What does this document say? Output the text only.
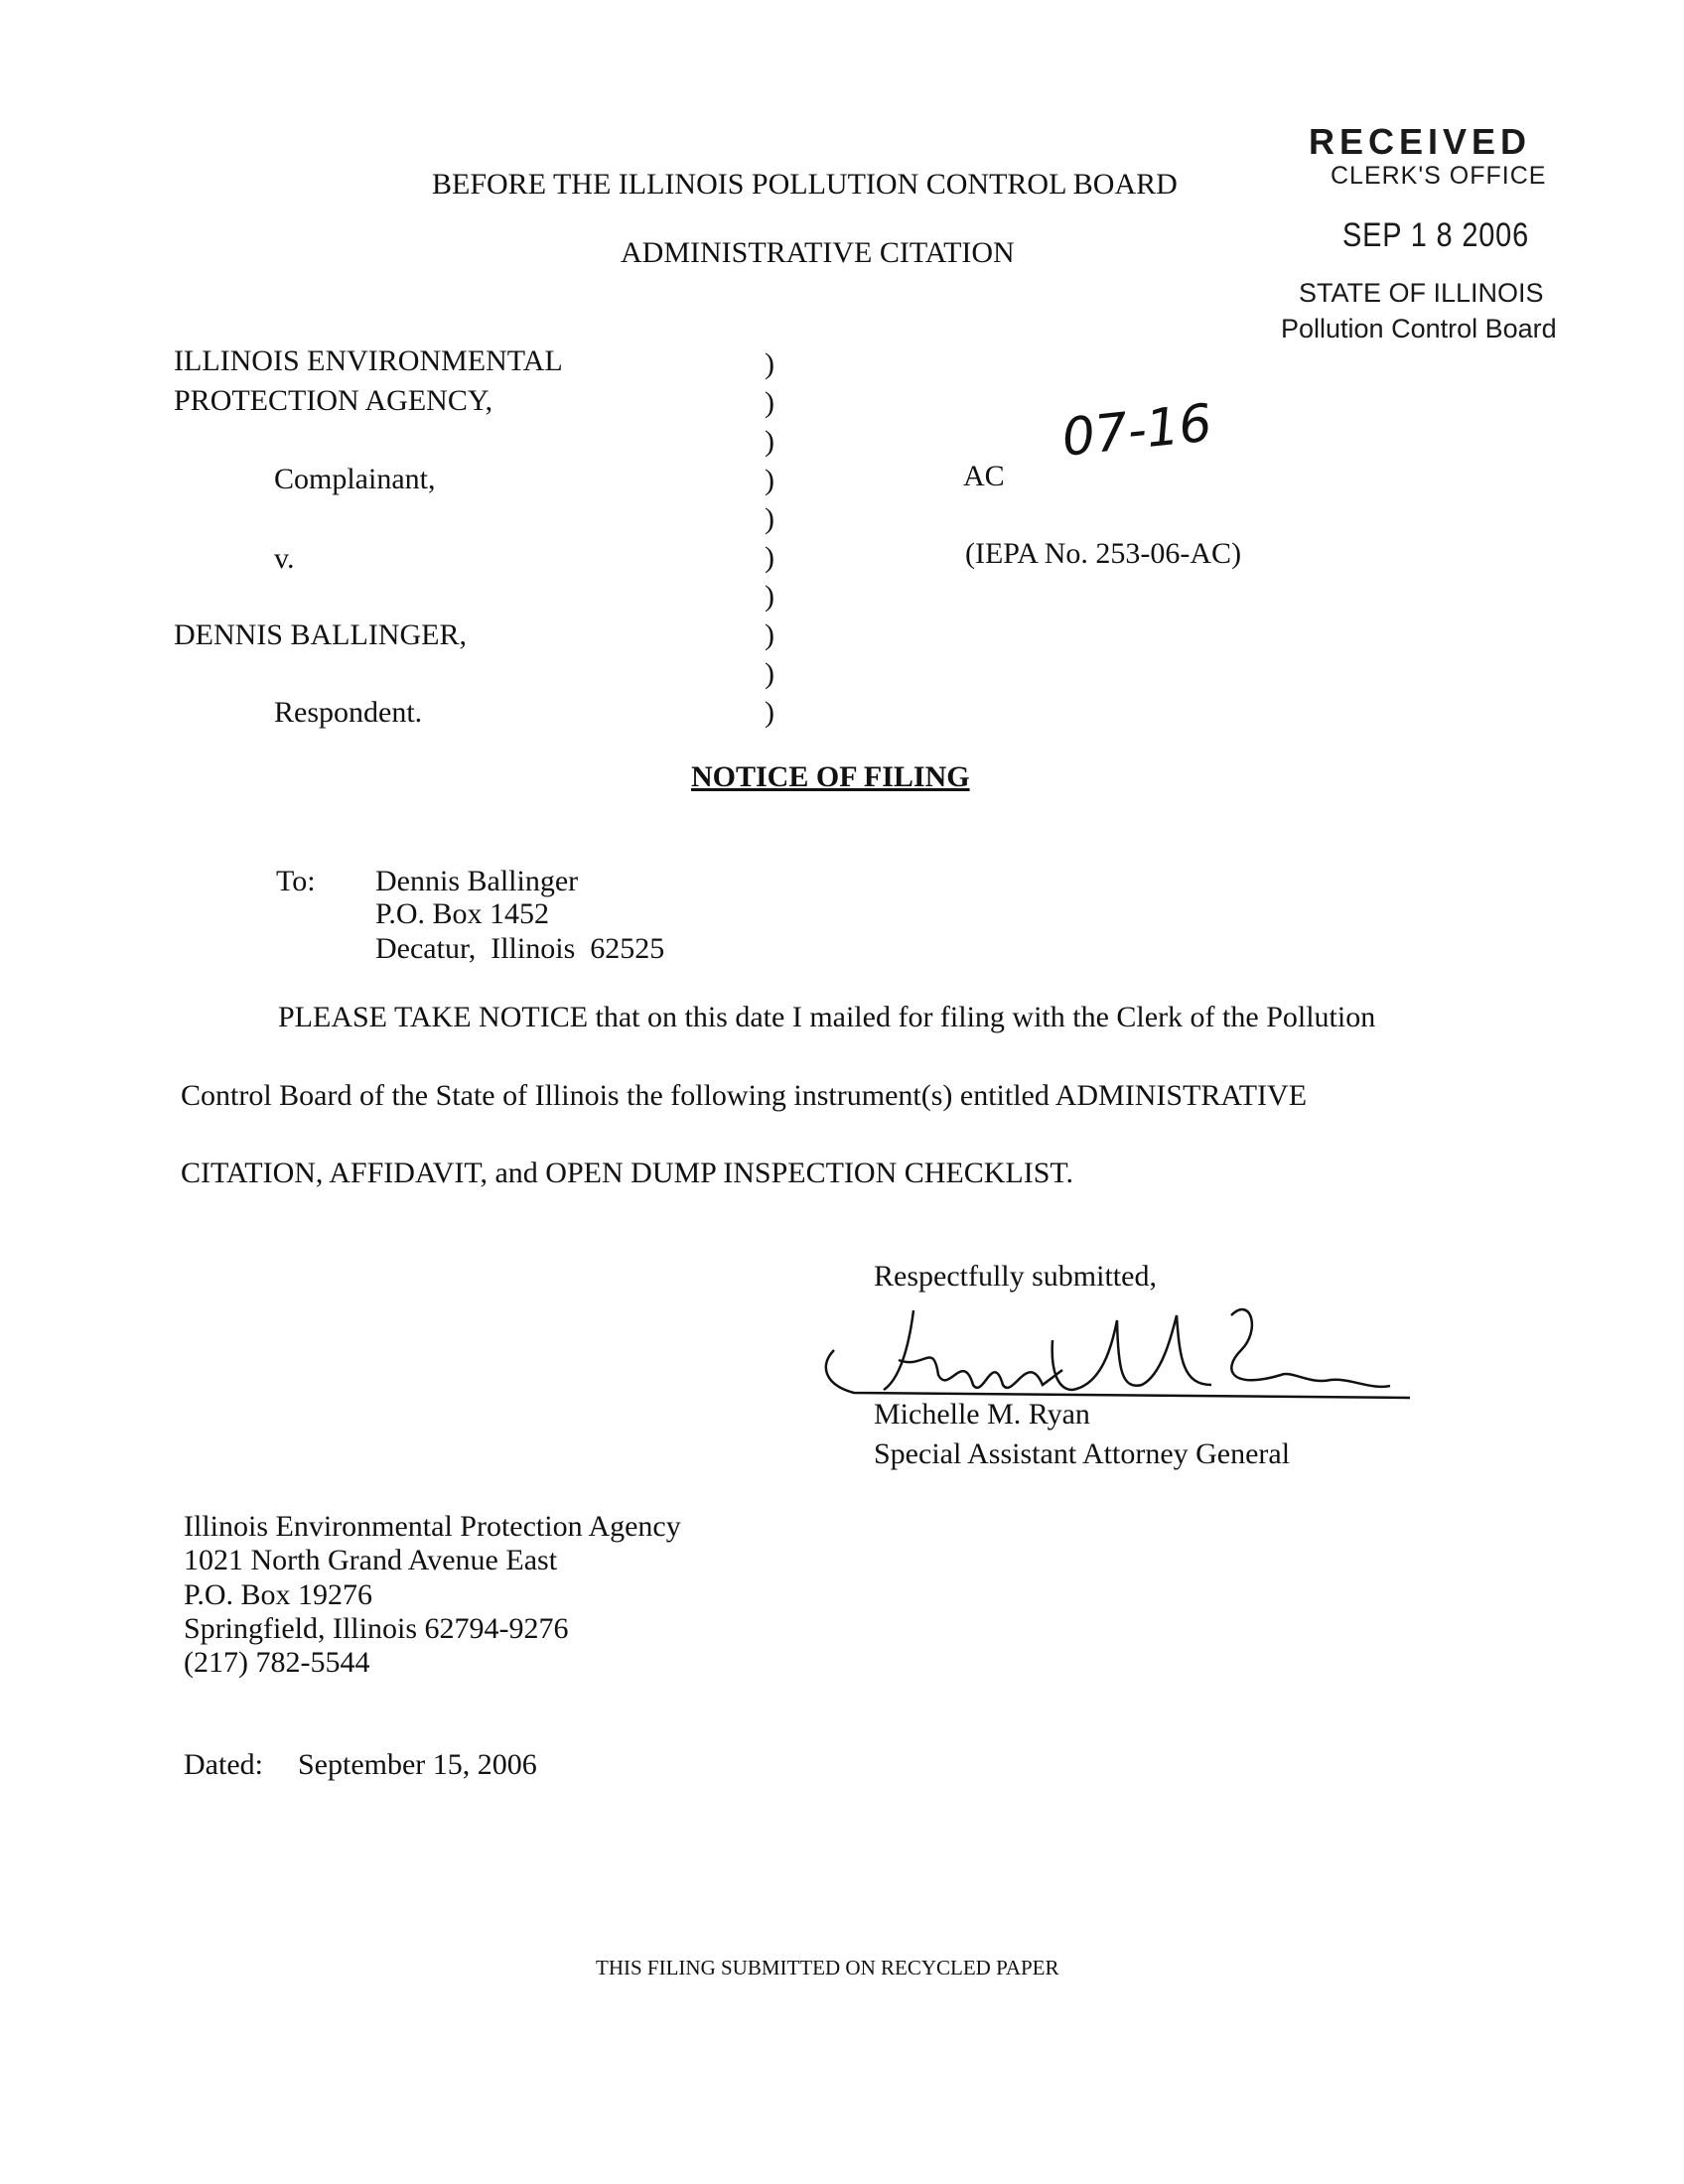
BEFORE THE ILLINOIS POLLUTION CONTROL BOARD
ADMINISTRATIVE CITATION
RECEIVED
CLERK'S OFFICE
SEP 1 8 2006
STATE OF ILLINOIS
Pollution Control Board
ILLINOIS ENVIRONMENTAL
PROTECTION AGENCY,
Complainant,
v.
DENNIS BALLINGER,
Respondent.
)
)
)
)
)
)
)
)
)
)
AC
07-16
(IEPA No. 253-06-AC)
NOTICE OF FILING
To: Dennis Ballinger
P.O. Box 1452
Decatur,  Illinois  62525
PLEASE TAKE NOTICE that on this date I mailed for filing with the Clerk of the Pollution
Control Board of the State of Illinois the following instrument(s) entitled ADMINISTRATIVE
CITATION, AFFIDAVIT, and OPEN DUMP INSPECTION CHECKLIST.
Respectfully submitted,
Michelle M. Ryan
Special Assistant Attorney General
Illinois Environmental Protection Agency
1021 North Grand Avenue East
P.O. Box 19276
Springfield, Illinois 62794-9276
(217) 782-5544
Dated: September 15, 2006
THIS FILING SUBMITTED ON RECYCLED PAPER
